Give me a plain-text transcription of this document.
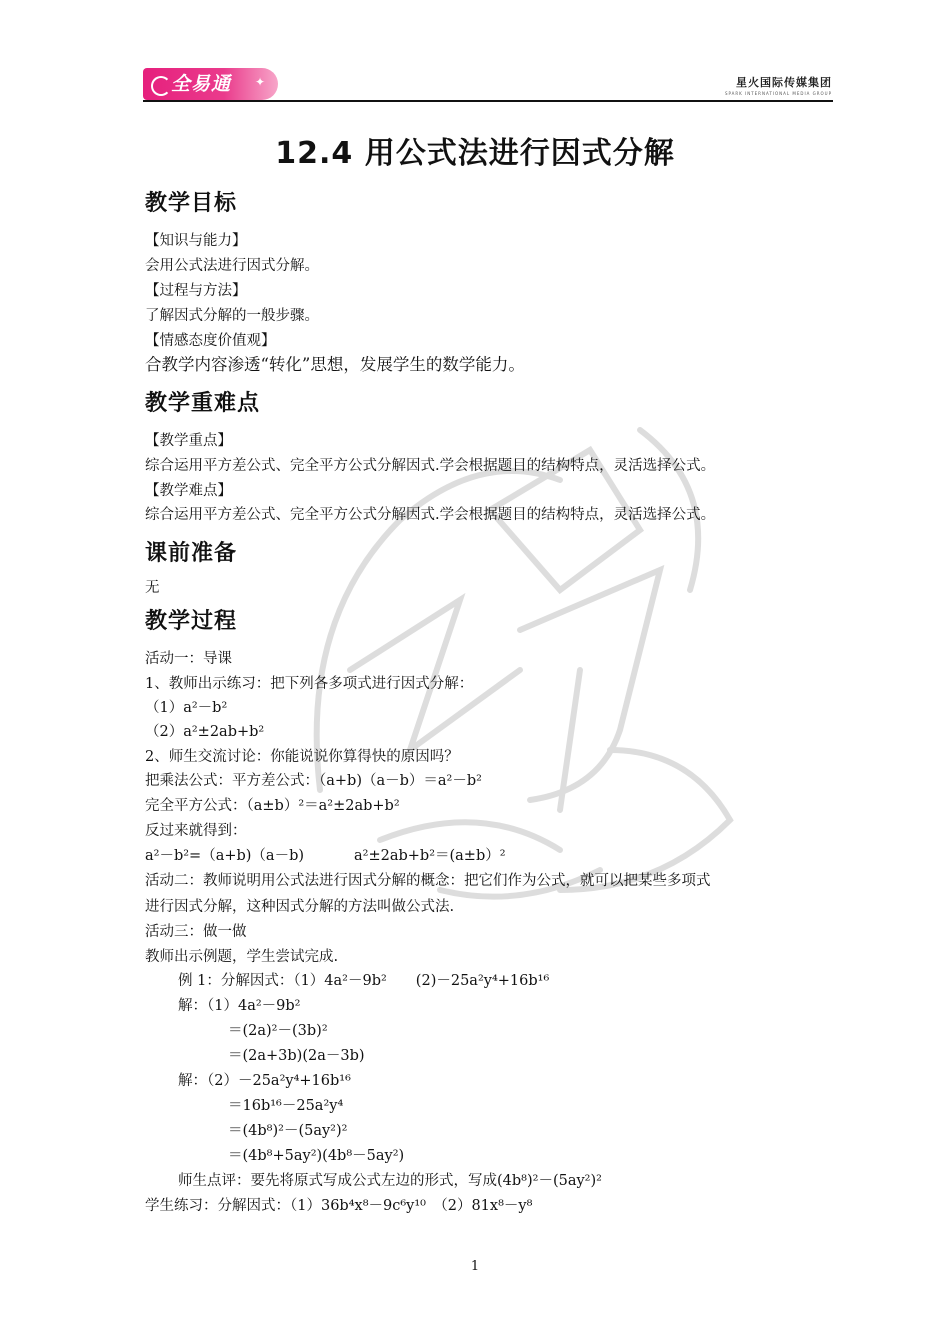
全易通 ✦	星火国际传媒集团
SPARK INTERNATIONAL MEDIA GROUP
12.4 用公式法进行因式分解
教学目标
【知识与能力】
会用公式法进行因式分解。
【过程与方法】
了解因式分解的一般步骤。
【情感态度价值观】
合教学内容渗透“转化”思想，发展学生的数学能力。
教学重难点
【教学重点】
综合运用平方差公式、完全平方公式分解因式.学会根据题目的结构特点，灵活选择公式。
【教学难点】
综合运用平方差公式、完全平方公式分解因式.学会根据题目的结构特点，灵活选择公式。
课前准备
无
教学过程
活动一：导课
1、教师出示练习：把下列各多项式进行因式分解：
（1）a²－b²
（2）a²±2ab+b²
2、师生交流讨论：你能说说你算得快的原因吗？
把乘法公式：平方差公式：（a+b)（a－b）＝a²－b²
完全平方公式：（a±b）²＝a²±2ab+b²
反过来就得到：
a²－b²=（a+b)（a－b)	a²±2ab+b²＝(a±b）²
活动二：教师说明用公式法进行因式分解的概念：把它们作为公式，就可以把某些多项式
进行因式分解，这种因式分解的方法叫做公式法.
活动三：做一做
教师出示例题，学生尝试完成.
例 1：分解因式：（1）4a²－9b²　　(2)－25a²y⁴+16b¹⁶
解：（1）4a²－9b²
＝(2a)²－(3b)²
＝(2a+3b)(2a－3b)
解：（2）－25a²y⁴+16b¹⁶
＝16b¹⁶－25a²y⁴
＝(4b⁸)²－(5ay²)²
＝(4b⁸+5ay²)(4b⁸－5ay²)
师生点评：要先将原式写成公式左边的形式，写成(4b⁸)²－(5ay²)²
学生练习：分解因式：（1）36b⁴x⁸－9c⁶y¹⁰　（2）81x⁸－y⁸
1
